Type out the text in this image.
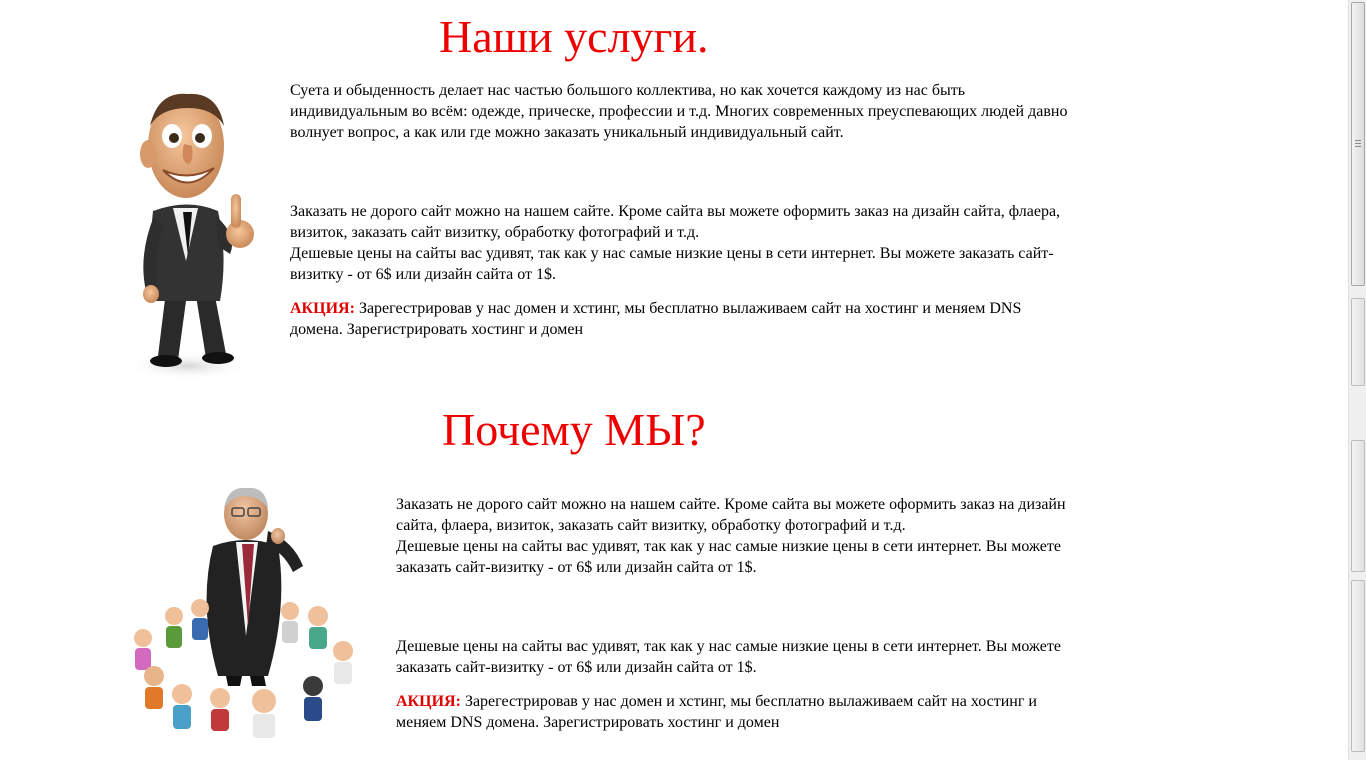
Наши услуги.

Суета и обыденность делает нас частью большого коллектива, но как хочется каждому из нас быть индивидуальным во всём: одежде, прическе, профессии и т.д. Многих современных преуспевающих людей давно волнует вопрос, а как или где можно заказать уникальный индивидуальный сайт.

Заказать не дорого сайт можно на нашем сайте. Кроме сайта вы можете оформить заказ на дизайн сайта, флаера, визиток, заказать сайт визитку, обработку фотографий и т.д.

Дешевые цены на сайты вас удивят, так как у нас самые низкие цены в сети интернет. Вы можете заказать сайт-визитку - от 6$ или дизайн сайта от 1$.

АКЦИЯ: Зарегестрировав у нас домен и хстинг, мы бесплатно вылаживаем сайт на хостинг и меняем DNS домена. Зарегистрировать хостинг и домен

Почему МЫ?

Заказать не дорого сайт можно на нашем сайте. Кроме сайта вы можете оформить заказ на дизайн сайта, флаера, визиток, заказать сайт визитку, обработку фотографий и т.д.

Дешевые цены на сайты вас удивят, так как у нас самые низкие цены в сети интернет. Вы можете заказать сайт-визитку - от 6$ или дизайн сайта от 1$.

Дешевые цены на сайты вас удивят, так как у нас самые низкие цены в сети интернет. Вы можете заказать сайт-визитку - от 6$ или дизайн сайта от 1$.

АКЦИЯ: Зарегестрировав у нас домен и хстинг, мы бесплатно вылаживаем сайт на хостинг и меняем DNS домена. Зарегистрировать хостинг и домен
